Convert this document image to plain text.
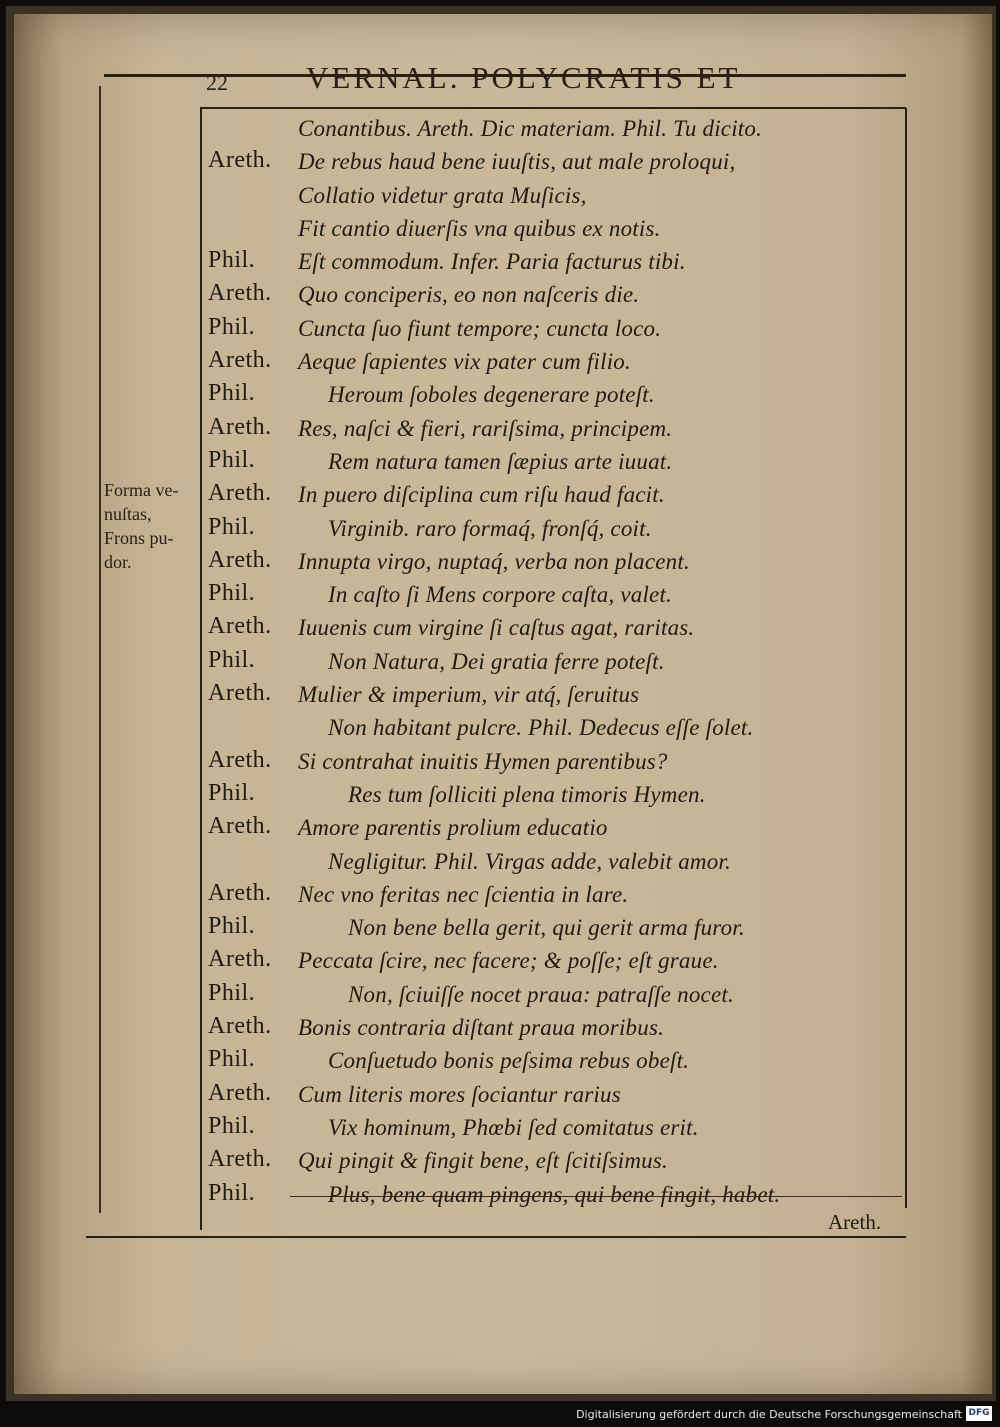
22	VERNAL. POLYCRATIS ET
Forma ve-
nuſtas,
Frons pu-
dor.
Conantibus. Areth. Dic materiam. Phil. Tu dicito.
Areth. De rebus haud bene iuuſtis, aut male proloqui,
Collatio videtur grata Muſicis,
Fit cantio diuerſis vna quibus ex notis.
Phil. Eſt commodum. Infer. Paria facturus tibi.
Areth. Quo conciperis, eo non naſceris die.
Phil. Cuncta ſuo fiunt tempore; cuncta loco.
Areth. Aeque ſapientes vix pater cum filio.
Phil.	Heroum ſoboles degenerare poteſt.
Areth. Res, naſci & fieri, rariſsima, principem.
Phil.	Rem natura tamen ſæpius arte iuuat.
Areth. In puero diſciplina cum riſu haud facit.
Phil.	Virginib. raro formaq́, fronſq́, coit.
Areth. Innupta virgo, nuptaq́, verba non placent.
Phil.	In caſto ſi Mens corpore caſta, valet.
Areth. Iuuenis cum virgine ſi caſtus agat, raritas.
Phil.	Non Natura, Dei gratia ferre poteſt.
Areth. Mulier & imperium, vir atq́, ſeruitus
Non habitant pulcre. Phil. Dedecus eſſe ſolet.
Areth. Si contrahat inuitis Hymen parentibus?
Phil.	Res tum ſolliciti plena timoris Hymen.
Areth. Amore parentis prolium educatio
Negligitur. Phil. Virgas adde, valebit amor.
Areth. Nec vno feritas nec ſcientia in lare.
Phil.	Non bene bella gerit, qui gerit arma furor.
Areth. Peccata ſcire, nec facere; & poſſe; eſt graue.
Phil.	Non, ſciuiſſe nocet praua: patraſſe nocet.
Areth. Bonis contraria diſtant praua moribus.
Phil.	Conſuetudo bonis peſsima rebus obeſt.
Areth. Cum literis mores ſociantur rarius
Phil.	Vix hominum, Phœbi ſed comitatus erit.
Areth. Qui pingit & fingit bene, eſt ſcitiſsimus.
Phil.	Plus, bene quam pingens, qui bene fingit, habet.
Areth.
Digitalisierung gefördert durch die Deutsche Forschungsgemeinschaft DFG
